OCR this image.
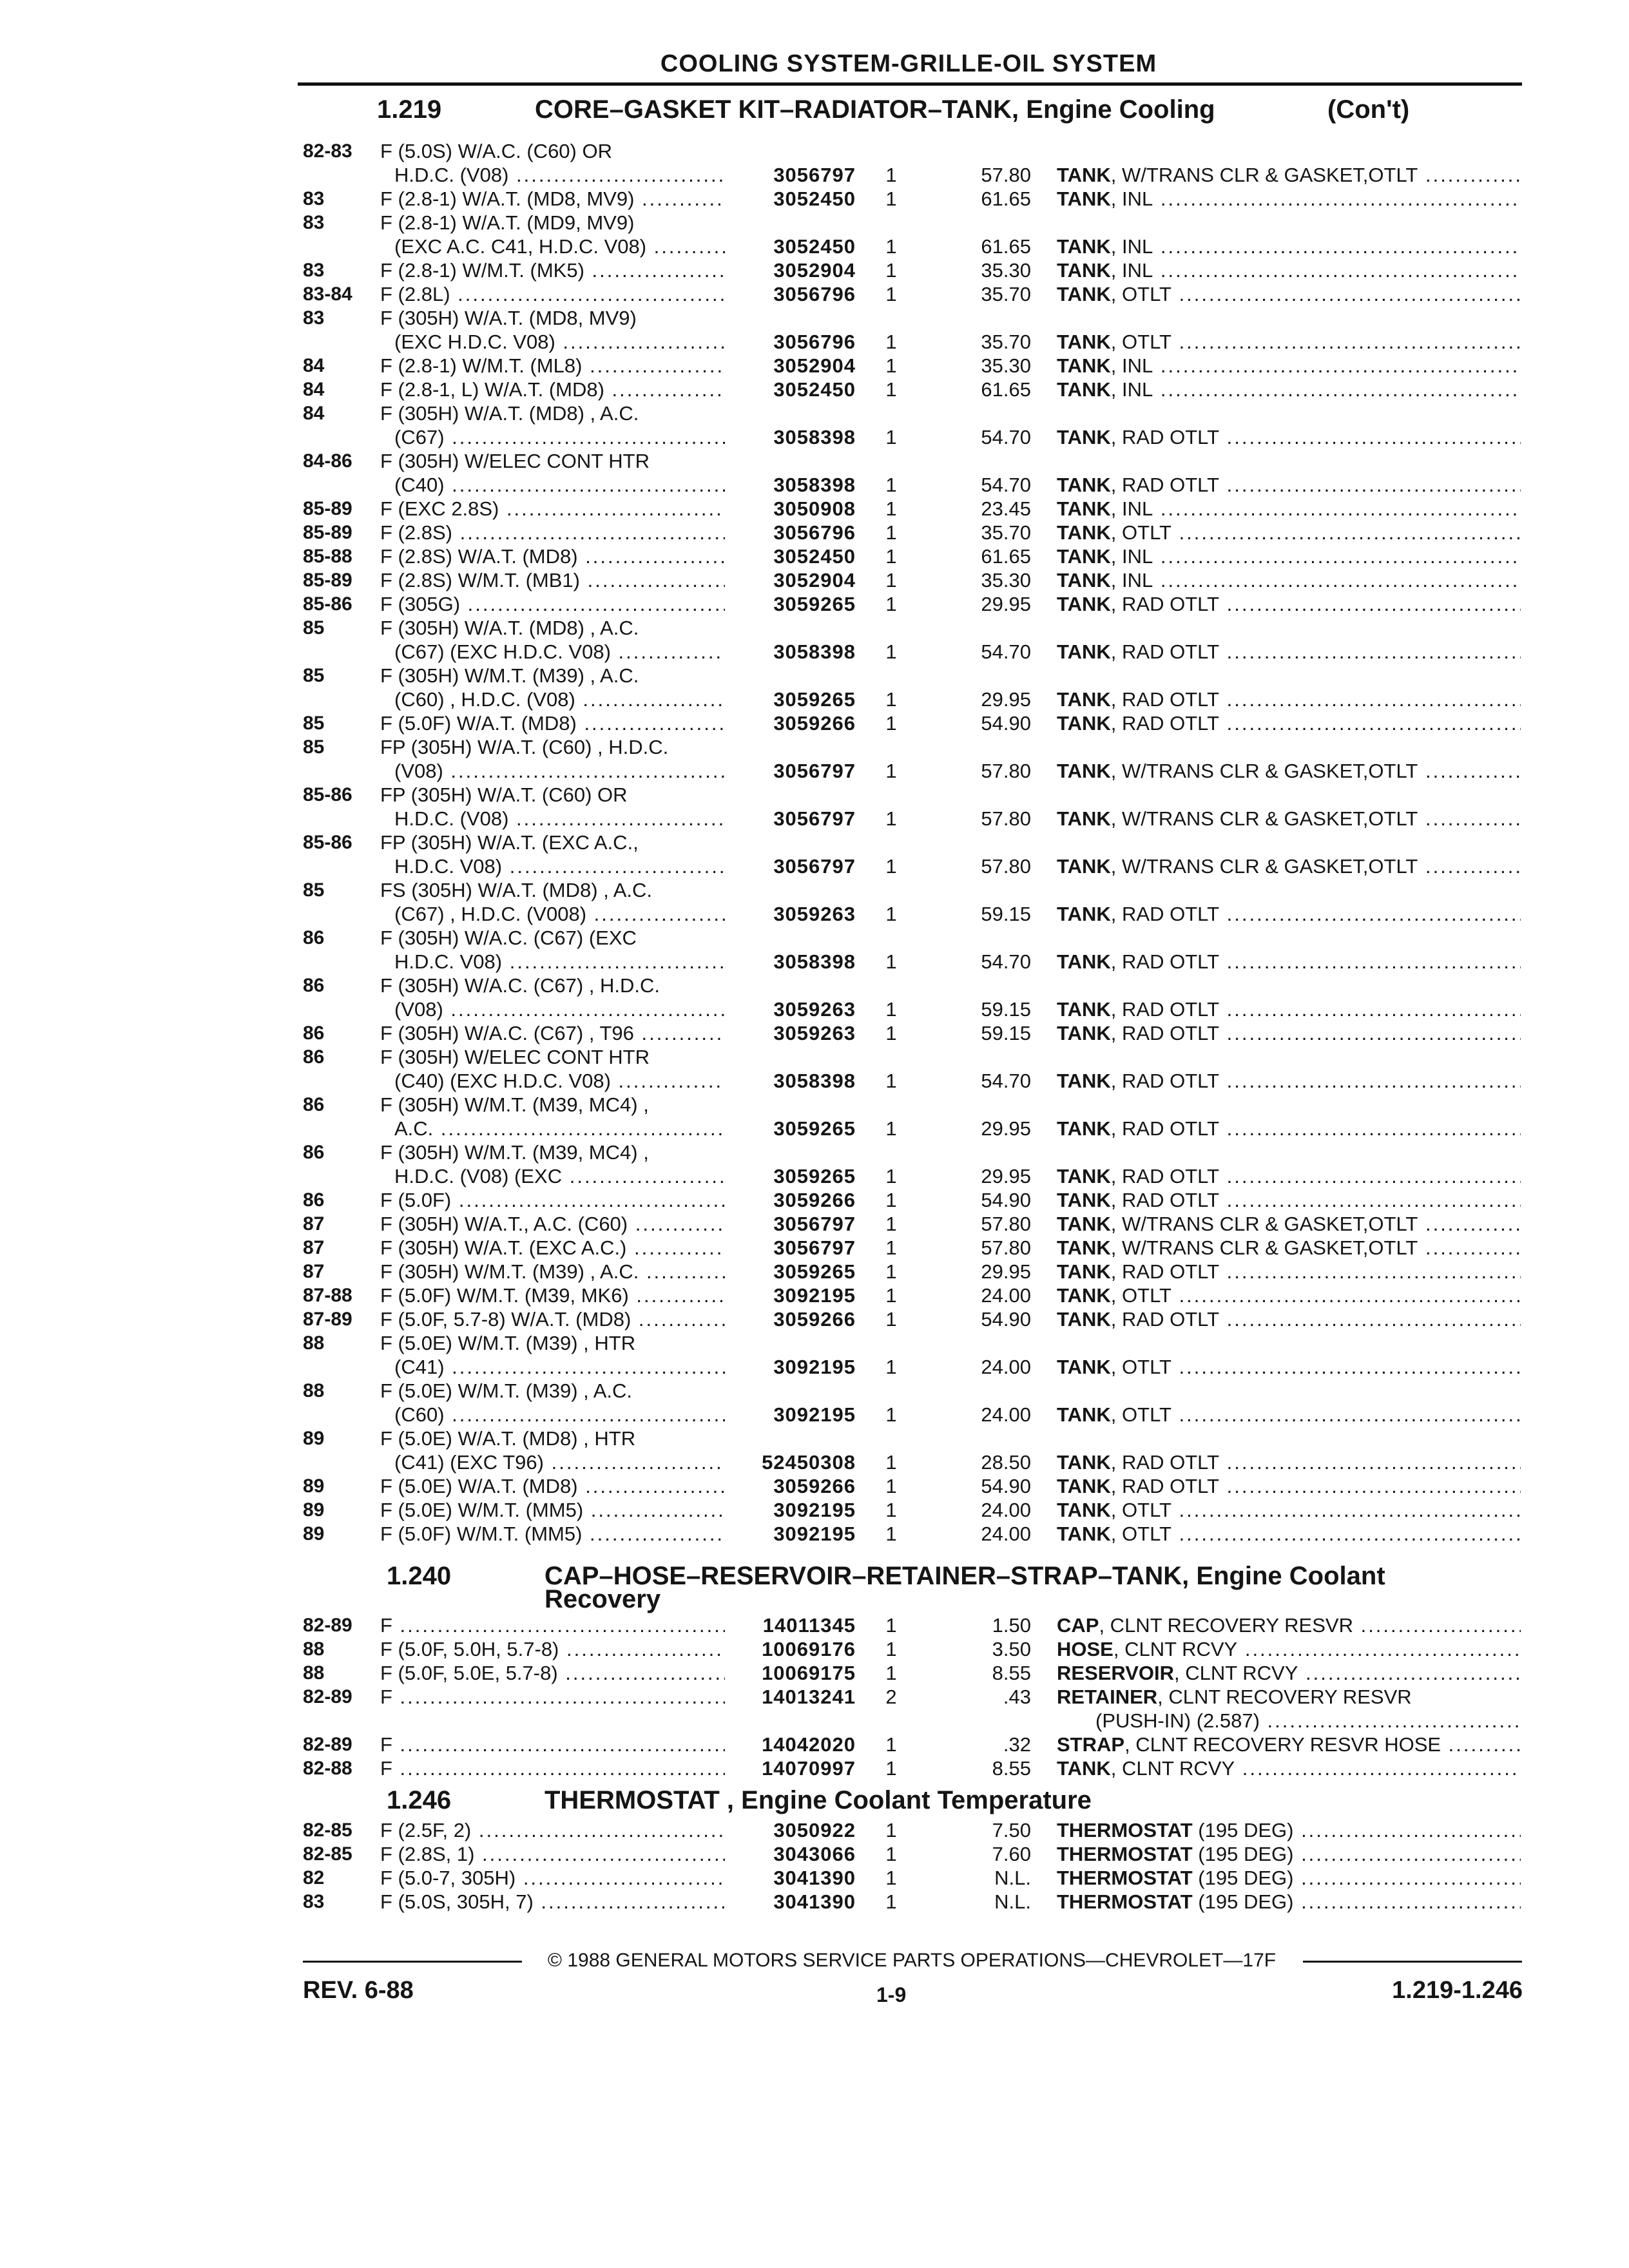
COOLING SYSTEM-GRILLE-OIL SYSTEM
1.219	CORE–GASKET KIT–RADIATOR–TANK, Engine Cooling	(Con't)
82-83 F (5.0S) W/A.C. (C60) OR
H.D.C. (V08) .....	3056797 1	57.80 TANK, W/TRANS CLR & GASKET,OTLT .....
83	F (2.8-1) W/A.T. (MD8, MV9) .....	3052450 1	61.65 TANK, INL .....
83	F (2.8-1) W/A.T. (MD9, MV9)
(EXC A.C. C41, H.D.C. V08) .....	3052450 1	61.65 TANK, INL .....
83	F (2.8-1) W/M.T. (MK5) .....	3052904 1	35.30 TANK, INL .....
83-84 F (2.8L) .....	3056796 1	35.70 TANK, OTLT .....
83	F (305H) W/A.T. (MD8, MV9)
(EXC H.D.C. V08) .....	3056796 1	35.70 TANK, OTLT .....
84	F (2.8-1) W/M.T. (ML8) .....	3052904 1	35.30 TANK, INL .....
84	F (2.8-1, L) W/A.T. (MD8) .....	3052450 1	61.65 TANK, INL .....
84	F (305H) W/A.T. (MD8) , A.C.
(C67) .....	3058398 1	54.70 TANK, RAD OTLT .....
84-86 F (305H) W/ELEC CONT HTR
(C40) .....	3058398 1	54.70 TANK, RAD OTLT .....
85-89 F (EXC 2.8S) .....	3050908 1	23.45 TANK, INL .....
85-89 F (2.8S) .....	3056796 1	35.70 TANK, OTLT .....
85-88 F (2.8S) W/A.T. (MD8) .....	3052450 1	61.65 TANK, INL .....
85-89 F (2.8S) W/M.T. (MB1) .....	3052904 1	35.30 TANK, INL .....
85-86 F (305G) .....	3059265 1	29.95 TANK, RAD OTLT .....
85	F (305H) W/A.T. (MD8) , A.C.
(C67) (EXC H.D.C. V08) .....	3058398 1	54.70 TANK, RAD OTLT .....
85	F (305H) W/M.T. (M39) , A.C.
(C60) , H.D.C. (V08) .....	3059265 1	29.95 TANK, RAD OTLT .....
85	F (5.0F) W/A.T. (MD8) .....	3059266 1	54.90 TANK, RAD OTLT .....
85	FP (305H) W/A.T. (C60) , H.D.C.
(V08) .....	3056797 1	57.80 TANK, W/TRANS CLR & GASKET,OTLT .....
85-86 FP (305H) W/A.T. (C60) OR
H.D.C. (V08) .....	3056797 1	57.80 TANK, W/TRANS CLR & GASKET,OTLT .....
85-86 FP (305H) W/A.T. (EXC A.C.,
H.D.C. V08) .....	3056797 1	57.80 TANK, W/TRANS CLR & GASKET,OTLT .....
85	FS (305H) W/A.T. (MD8) , A.C.
(C67) , H.D.C. (V008) .....	3059263 1	59.15 TANK, RAD OTLT .....
86	F (305H) W/A.C. (C67) (EXC
H.D.C. V08) .....	3058398 1	54.70 TANK, RAD OTLT .....
86	F (305H) W/A.C. (C67) , H.D.C.
(V08) .....	3059263 1	59.15 TANK, RAD OTLT .....
86	F (305H) W/A.C. (C67) , T96 .....	3059263 1	59.15 TANK, RAD OTLT .....
86	F (305H) W/ELEC CONT HTR
(C40) (EXC H.D.C. V08) .....	3058398 1	54.70 TANK, RAD OTLT .....
86	F (305H) W/M.T. (M39, MC4) ,
A.C. .....	3059265 1	29.95 TANK, RAD OTLT .....
86	F (305H) W/M.T. (M39, MC4) ,
H.D.C. (V08) (EXC .....	3059265 1	29.95 TANK, RAD OTLT .....
86	F (5.0F) .....	3059266 1	54.90 TANK, RAD OTLT .....
87	F (305H) W/A.T., A.C. (C60) .....	3056797 1	57.80 TANK, W/TRANS CLR & GASKET,OTLT .....
87	F (305H) W/A.T. (EXC A.C.) .....	3056797 1	57.80 TANK, W/TRANS CLR & GASKET,OTLT .....
87	F (305H) W/M.T. (M39) , A.C. .....	3059265 1	29.95 TANK, RAD OTLT .....
87-88 F (5.0F) W/M.T. (M39, MK6) .....	3092195 1	24.00 TANK, OTLT .....
87-89 F (5.0F, 5.7-8) W/A.T. (MD8) .....	3059266 1	54.90 TANK, RAD OTLT .....
88	F (5.0E) W/M.T. (M39) , HTR
(C41) .....	3092195 1	24.00 TANK, OTLT .....
88	F (5.0E) W/M.T. (M39) , A.C.
(C60) .....	3092195 1	24.00 TANK, OTLT .....
89	F (5.0E) W/A.T. (MD8) , HTR
(C41) (EXC T96) .....	52450308 1	28.50 TANK, RAD OTLT .....
89	F (5.0E) W/A.T. (MD8) .....	3059266 1	54.90 TANK, RAD OTLT .....
89	F (5.0E) W/M.T. (MM5) .....	3092195 1	24.00 TANK, OTLT .....
89	F (5.0F) W/M.T. (MM5) .....	3092195 1	24.00 TANK, OTLT .....
1.240	CAP–HOSE–RESERVOIR–RETAINER–STRAP–TANK, Engine Coolant
Recovery
82-89 F .....	14011345 1	1.50 CAP, CLNT RECOVERY RESVR .....
88	F (5.0F, 5.0H, 5.7-8) .....	10069176 1	3.50 HOSE, CLNT RCVY .....
88	F (5.0F, 5.0E, 5.7-8) .....	10069175 1	8.55 RESERVOIR, CLNT RCVY .....
82-89 F .....	14013241 2	.43 RETAINER, CLNT RECOVERY RESVR
(PUSH-IN) (2.587) .....
82-89 F .....	14042020 1	.32 STRAP, CLNT RECOVERY RESVR HOSE .....
82-88 F .....	14070997 1	8.55 TANK, CLNT RCVY .....
1.246	THERMOSTAT , Engine Coolant Temperature
82-85 F (2.5F, 2) .....	3050922 1	7.50 THERMOSTAT (195 DEG) .....
82-85 F (2.8S, 1) .....	3043066 1	7.60 THERMOSTAT (195 DEG) .....
82	F (5.0-7, 305H) .....	3041390 1	N.L. THERMOSTAT (195 DEG) .....
83	F (5.0S, 305H, 7) .....	3041390 1	N.L. THERMOSTAT (195 DEG) .....
© 1988 GENERAL MOTORS SERVICE PARTS OPERATIONS—CHEVROLET—17F
REV. 6-88	1-9	1.219-1.246
